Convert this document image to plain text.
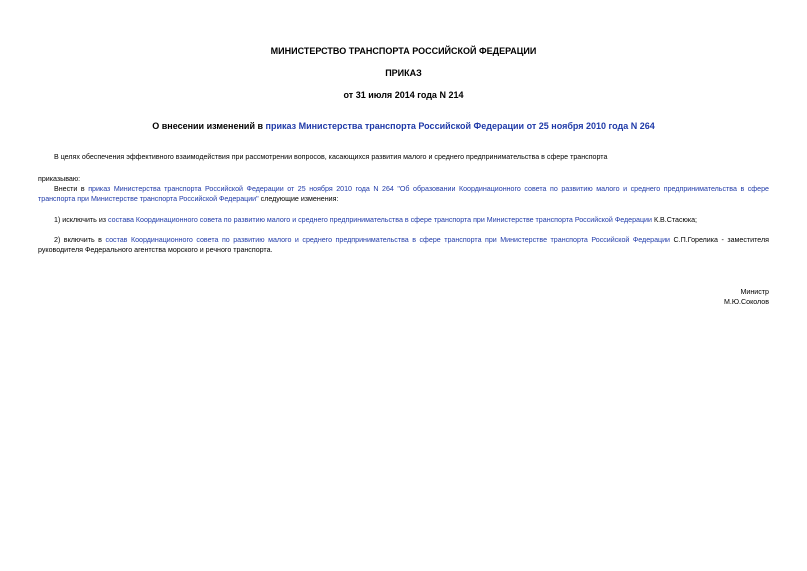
МИНИСТЕРСТВО ТРАНСПОРТА РОССИЙСКОЙ ФЕДЕРАЦИИ
ПРИКАЗ
от 31 июля 2014 года N 214
О внесении изменений в приказ Министерства транспорта Российской Федерации от 25 ноября 2010 года N 264
В целях обеспечения эффективного взаимодействия при рассмотрении вопросов, касающихся развития малого и среднего предпринимательства в сфере транспорта
приказываю:
Внести в приказ Министерства транспорта Российской Федерации от 25 ноября 2010 года N 264 "Об образовании Координационного совета по развитию малого и среднего предпринимательства в сфере транспорта при Министерстве транспорта Российской Федерации" следующие изменения:
1) исключить из состава Координационного совета по развитию малого и среднего предпринимательства в сфере транспорта при Министерстве транспорта Российской Федерации К.В.Стасюка;
2) включить в состав Координационного совета по развитию малого и среднего предпринимательства в сфере транспорта при Министерстве транспорта Российской Федерации С.П.Горелика - заместителя руководителя Федерального агентства морского и речного транспорта.
Министр
М.Ю.Соколов
